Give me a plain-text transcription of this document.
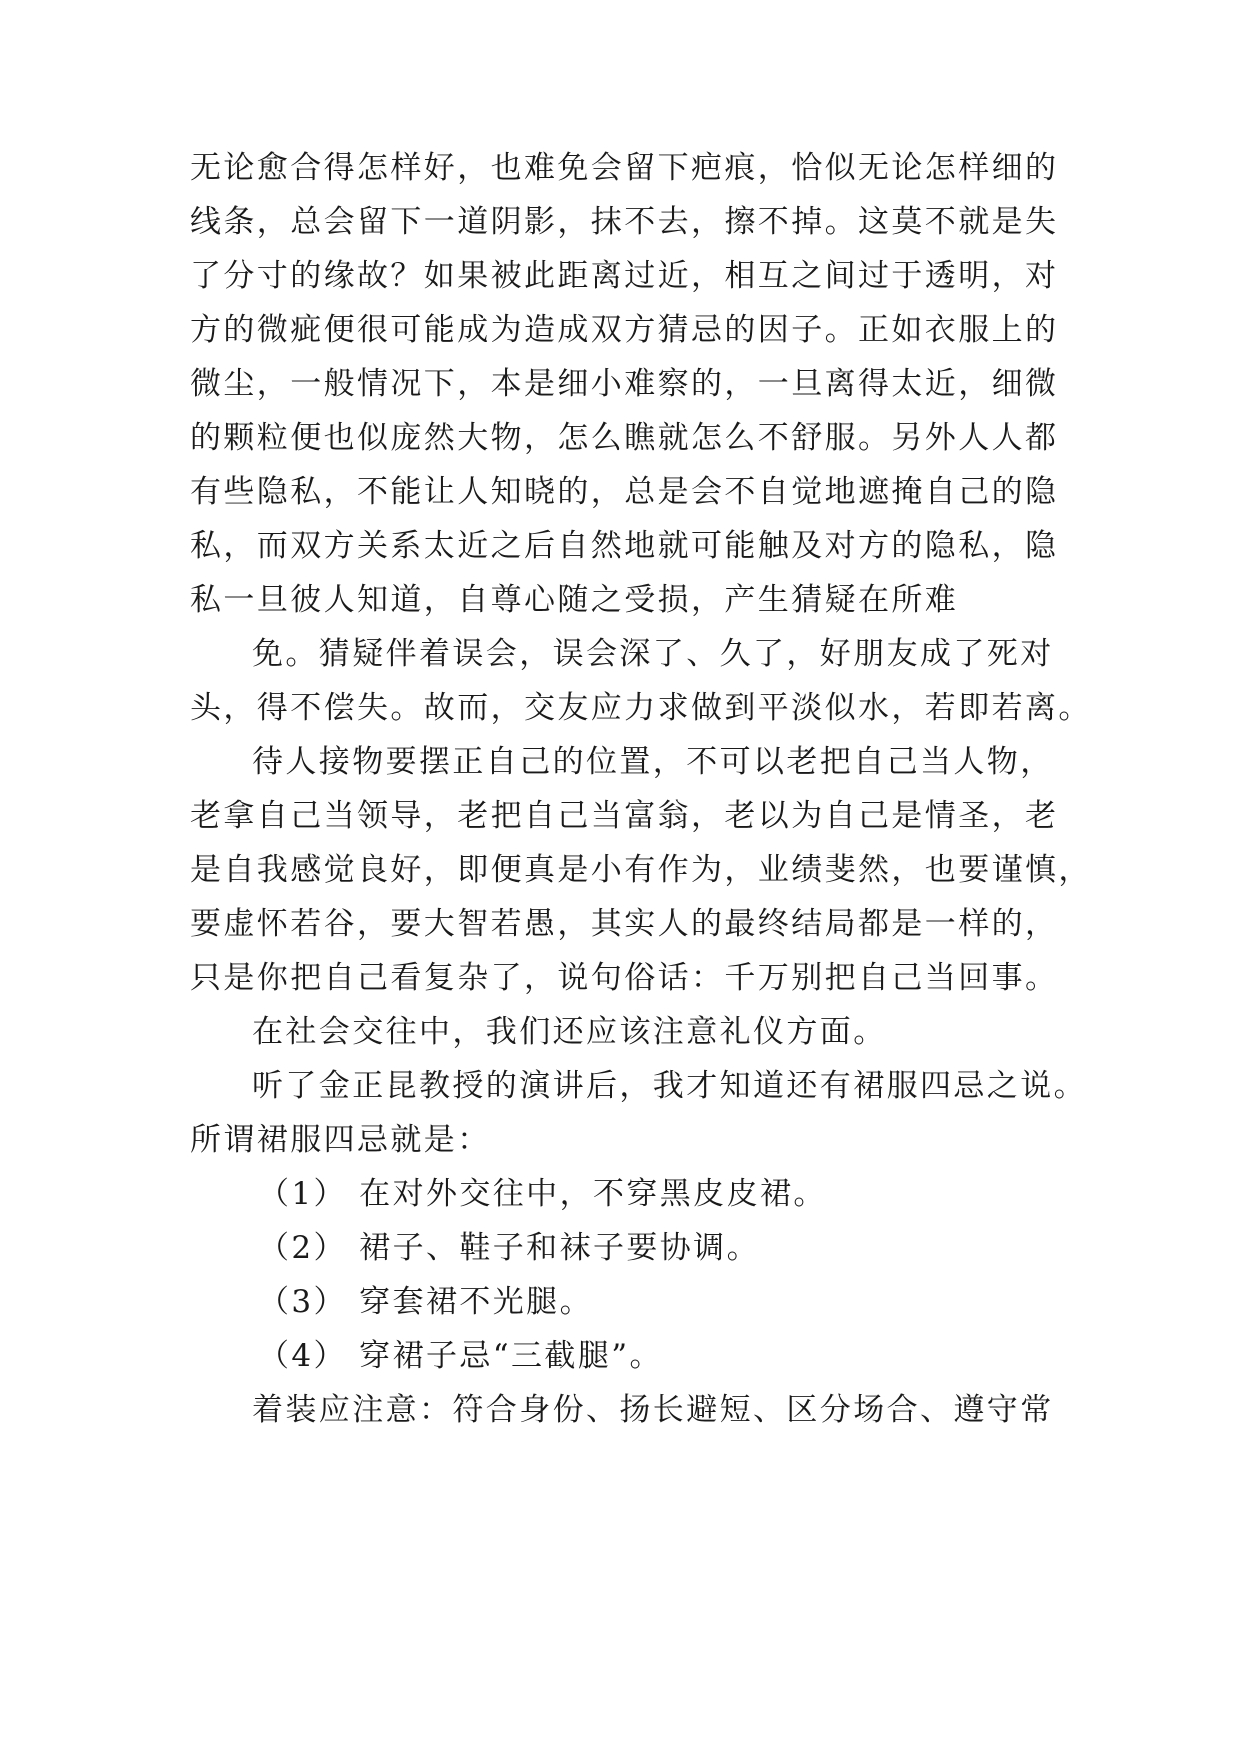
无论愈合得怎样好，也难免会留下疤痕，恰似无论怎样细的
线条，总会留下一道阴影，抹不去，擦不掉。这莫不就是失
了分寸的缘故？如果被此距离过近，相互之间过于透明，对
方的微疵便很可能成为造成双方猜忌的因子。正如衣服上的
微尘，一般情况下，本是细小难察的，一旦离得太近，细微
的颗粒便也似庞然大物，怎么瞧就怎么不舒服。另外人人都
有些隐私，不能让人知晓的，总是会不自觉地遮掩自己的隐
私，而双方关系太近之后自然地就可能触及对方的隐私，隐
私一旦彼人知道，自尊心随之受损，产生猜疑在所难
免。猜疑伴着误会，误会深了、久了，好朋友成了死对
头，得不偿失。故而，交友应力求做到平淡似水，若即若离。
待人接物要摆正自己的位置，不可以老把自己当人物，
老拿自己当领导，老把自己当富翁，老以为自己是情圣，老
是自我感觉良好，即便真是小有作为，业绩斐然，也要谨慎，
要虚怀若谷，要大智若愚，其实人的最终结局都是一样的，
只是你把自己看复杂了，说句俗话：千万别把自己当回事。
在社会交往中，我们还应该注意礼仪方面。
听了金正昆教授的演讲后，我才知道还有裙服四忌之说。
所谓裙服四忌就是：
（1） 在对外交往中，不穿黑皮皮裙。
（2） 裙子、鞋子和袜子要协调。
（3） 穿套裙不光腿。
（4） 穿裙子忌“三截腿”。
着装应注意：符合身份、扬长避短、区分场合、遵守常
